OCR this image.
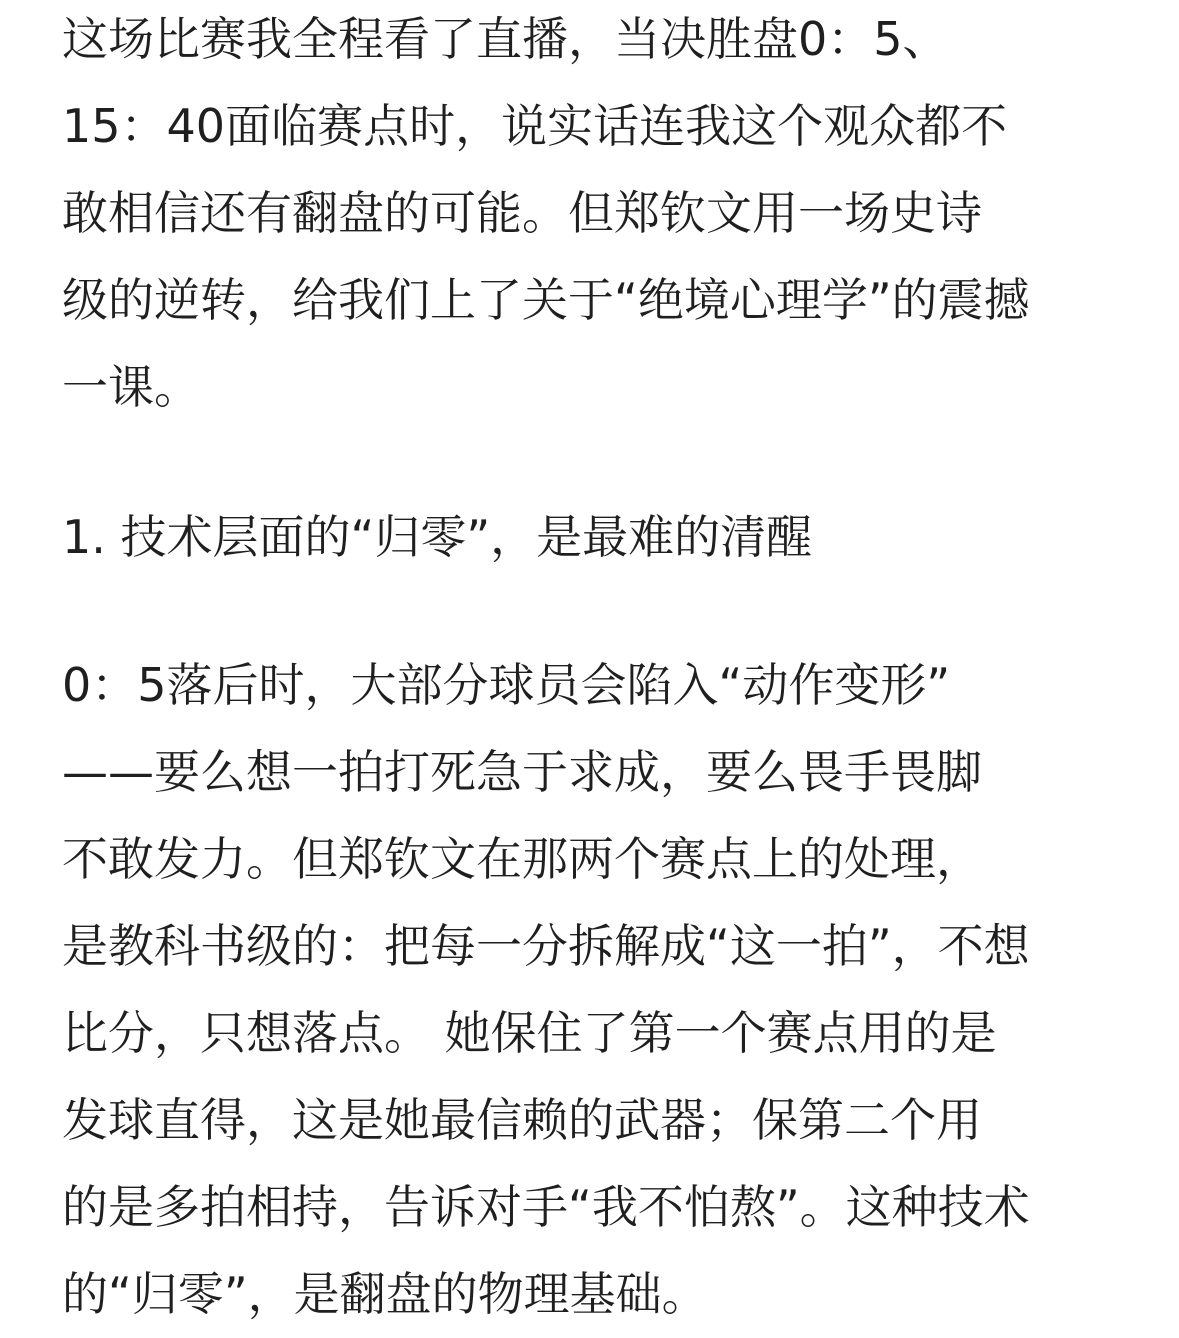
这场比赛我全程看了直播，当决胜盘0：5、
15：40面临赛点时，说实话连我这个观众都不
敢相信还有翻盘的可能。但郑钦文用一场史诗
级的逆转，给我们上了关于“绝境心理学”的震撼
一课。
1. 技术层面的“归零”，是最难的清醒
0：5落后时，大部分球员会陷入“动作变形”
——要么想一拍打死急于求成，要么畏手畏脚
不敢发力。但郑钦文在那两个赛点上的处理，
是教科书级的：把每一分拆解成“这一拍”，不想
比分，只想落点。 她保住了第一个赛点用的是
发球直得，这是她最信赖的武器；保第二个用
的是多拍相持，告诉对手“我不怕熬”。这种技术
的“归零”，是翻盘的物理基础。
